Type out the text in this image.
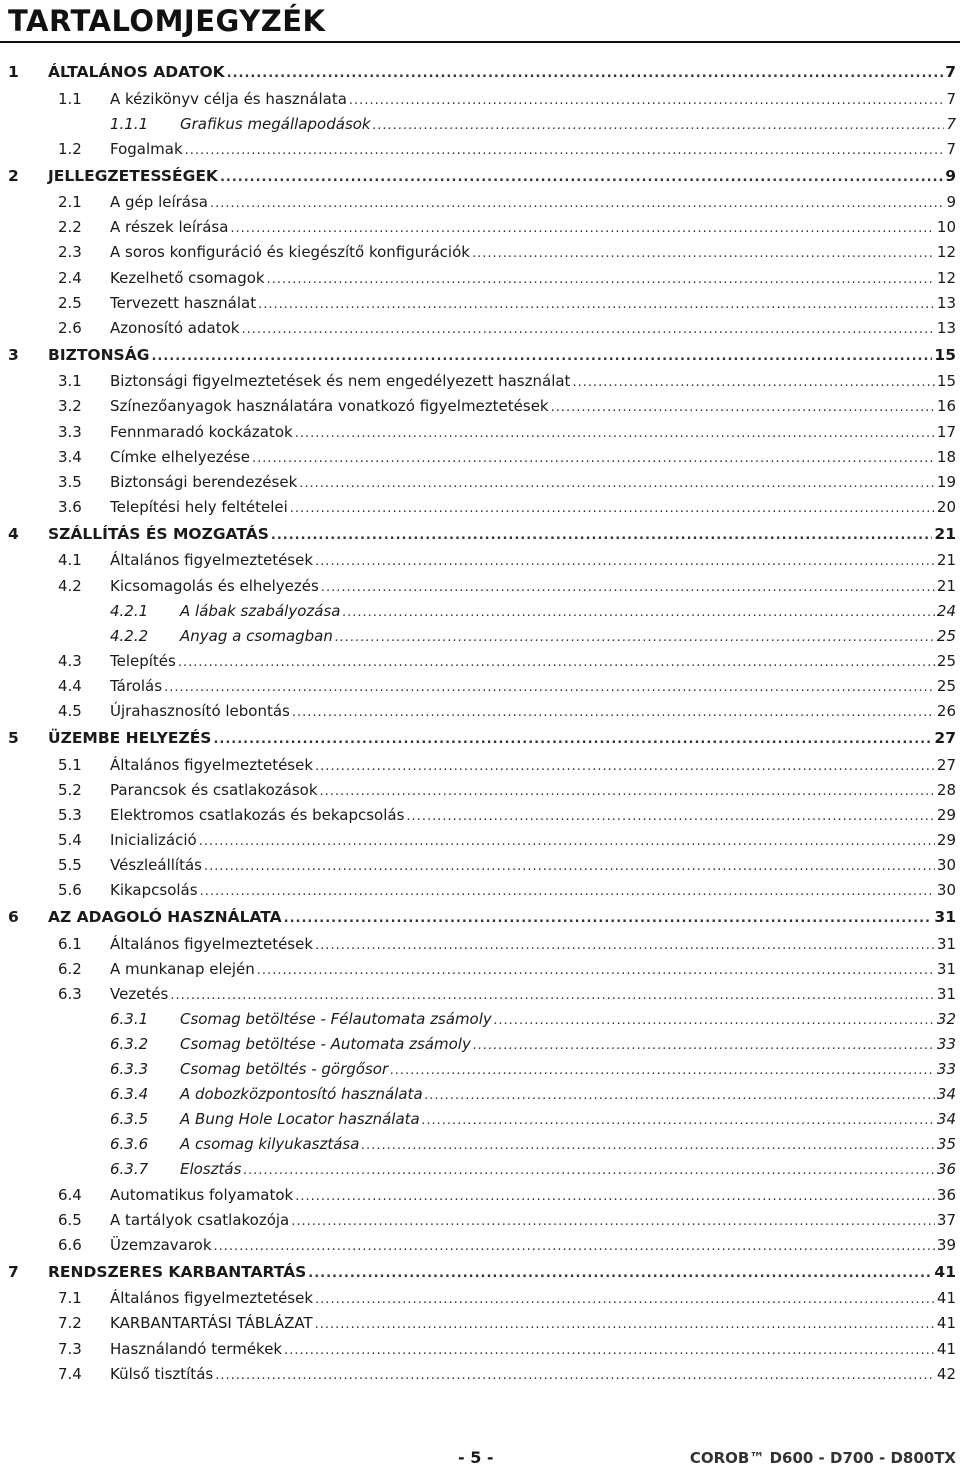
TARTALOMJEGYZÉK
1	ÁLTALÁNOS ADATOK .....	7
1.1	A kézikönyv célja és használata .....	7
1.1.1	Grafikus megállapodások .....	7
1.2	Fogalmak .....	7
2	JELLEGZETESSÉGEK .....	9
2.1	A gép leírása .....	9
2.2	A részek leírása .....	10
2.3	A soros konfiguráció és kiegészítő konfigurációk .....	12
2.4	Kezelhető csomagok .....	12
2.5	Tervezett használat .....	13
2.6	Azonosító adatok .....	13
3	BIZTONSÁG .....	15
3.1	Biztonsági figyelmeztetések és nem engedélyezett használat .....	15
3.2	Színezőanyagok használatára vonatkozó figyelmeztetések .....	16
3.3	Fennmaradó kockázatok .....	17
3.4	Címke elhelyezése .....	18
3.5	Biztonsági berendezések .....	19
3.6	Telepítési hely feltételei .....	20
4	SZÁLLÍTÁS ÉS MOZGATÁS .....	21
4.1	Általános figyelmeztetések .....	21
4.2	Kicsomagolás és elhelyezés .....	21
4.2.1	A lábak szabályozása .....	24
4.2.2	Anyag a csomagban .....	25
4.3	Telepítés .....	25
4.4	Tárolás .....	25
4.5	Újrahasznosító lebontás .....	26
5	ÜZEMBE HELYEZÉS .....	27
5.1	Általános figyelmeztetések .....	27
5.2	Parancsok és csatlakozások .....	28
5.3	Elektromos csatlakozás és bekapcsolás .....	29
5.4	Inicializáció .....	29
5.5	Vészleállítás .....	30
5.6	Kikapcsolás .....	30
6	AZ ADAGOLÓ HASZNÁLATA .....	31
6.1	Általános figyelmeztetések .....	31
6.2	A munkanap elején .....	31
6.3	Vezetés .....	31
6.3.1	Csomag betöltése - Félautomata zsámoly .....	32
6.3.2	Csomag betöltése - Automata zsámoly .....	33
6.3.3	Csomag betöltés - görgősor .....	33
6.3.4	A dobozközpontosító használata .....	34
6.3.5	A Bung Hole Locator használata .....	34
6.3.6	A csomag kilyukasztása .....	35
6.3.7	Elosztás .....	36
6.4	Automatikus folyamatok .....	36
6.5	A tartályok csatlakozója .....	37
6.6	Üzemzavarok .....	39
7	RENDSZERES KARBANTARTÁS .....	41
7.1	Általános figyelmeztetések .....	41
7.2	KARBANTARTÁSI TÁBLÁZAT .....	41
7.3	Használandó termékek .....	41
7.4	Külső tisztítás .....	42
- 5 -	COROB™ D600 - D700 - D800TX
